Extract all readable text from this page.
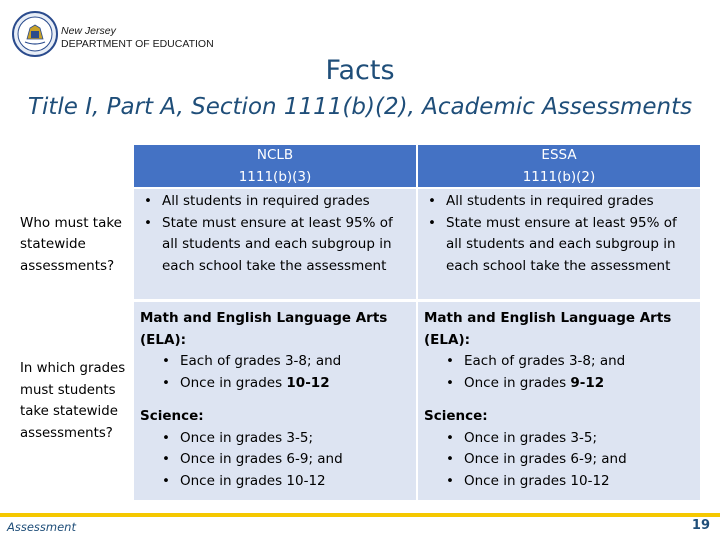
New Jersey
DEPARTMENT OF EDUCATION
Facts
Title I, Part A, Section 1111(b)(2), Academic Assessments
NCLB
1111(b)(3)
ESSA
1111(b)(2)
Who must take statewide assessments?
• All students in required grades
• State must ensure at least 95% of all students and each subgroup in each school take the assessment
• All students in required grades
• State must ensure at least 95% of all students and each subgroup in each school take the assessment
In which grades must students take statewide assessments?
Math and English Language Arts (ELA):
• Each of grades 3-8; and
• Once in grades 10-12
Science:
• Once in grades 3-5;
• Once in grades 6-9; and
• Once in grades 10-12
Math and English Language Arts (ELA):
• Each of grades 3-8; and
• Once in grades 9-12
Science:
• Once in grades 3-5;
• Once in grades 6-9; and
• Once in grades 10-12
Assessment	19
